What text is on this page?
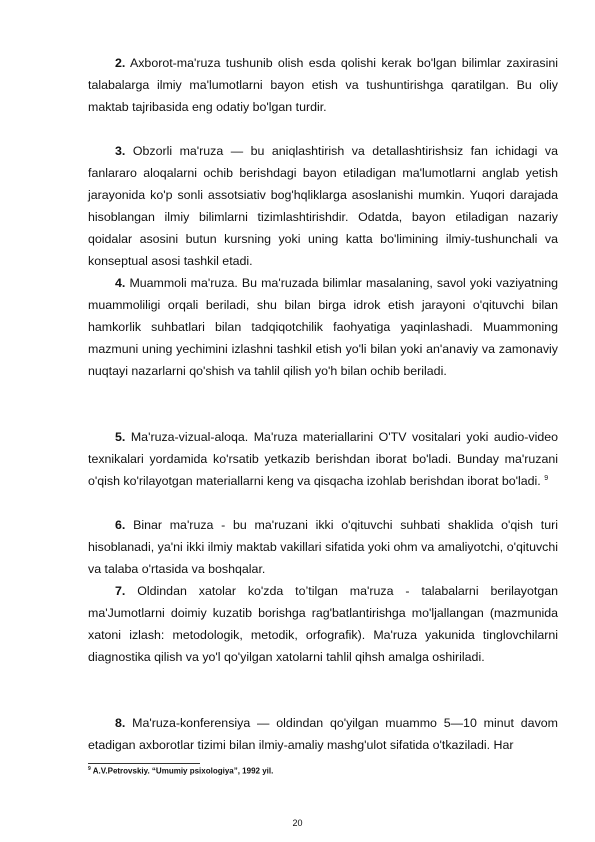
2. Axborot-ma'ruza tushunib olish esda qolishi kerak bo'lgan bilimlar zaxirasini talabalarga ilmiy ma'lumotlarni bayon etish va tushuntirishga qaratilgan. Bu oliy maktab tajribasida eng odatiy bo'lgan turdir.

3. Obzorli ma'ruza — bu aniqlashtirish va detallashtirishsiz fan ichidagi va fanlararo aloqalarni ochib berishdagi bayon etiladigan ma'lumotlarni anglab yetish jarayonida ko'p sonli assotsiativ bog'hqliklarga asoslanishi mumkin. Yuqori darajada hisoblangan ilmiy bilimlarni tizimlashtirishdir. Odatda, bayon etiladigan nazariy qoidalar asosini butun kursning yoki uning katta bo'limining ilmiy-tushunchali va konseptual asosi tashkil etadi.

4. Muammoli ma'ruza. Bu ma'ruzada bilimlar masalaning, savol yoki vaziyatning muammoliligi orqali beriladi, shu bilan birga idrok etish jarayoni o'qituvchi bilan hamkorlik suhbatlari bilan tadqiqotchilik faohyatiga yaqinlashadi. Muammoning mazmuni uning yechimini izlashni tashkil etish yo'li bilan yoki an'anaviy va zamonaviy nuqtayi nazarlarni qo'shish va tahlil qilish yo'h bilan ochib beriladi.

5. Ma'ruza-vizual-aloqa. Ma'ruza materiallarini O'TV vositalari yoki audio-video texnikalari yordamida ko'rsatib yetkazib berishdan iborat bo'ladi. Bunday ma'ruzani o'qish ko'rilayotgan materiallarni keng va qisqacha izohlab berishdan iborat bo'ladi. $^9$

6. Binar ma'ruza - bu ma'ruzani ikki o'qituvchi suhbati shaklida o'qish turi hisoblanadi, ya'ni ikki ilmiy maktab vakillari sifatida yoki ohm va amaliyotchi, o'qituvchi va talaba o'rtasida va boshqalar.

7. Oldindan xatolar ko'zda to’tilgan ma'ruza - talabalarni berilayotgan ma'Jumotlarni doimiy kuzatib borishga rag'batlantirishga mo'ljallangan (mazmunida xatoni izlash: metodologik, metodik, orfografik). Ma'ruza yakunida tinglovchilarni diagnostika qilish va yo'l qo'yilgan xatolarni tahlil qihsh amalga oshiriladi.

8. Ma'ruza-konferensiya — oldindan qo'yilgan muammo 5—10 minut davom etadigan axborotlar tizimi bilan ilmiy-amaliy mashg'ulot sifatida o'tkaziladi. Har

$^9$ A.V.Petrovskiy. “Umumiy psixologiya”, 1992 yil.
20
